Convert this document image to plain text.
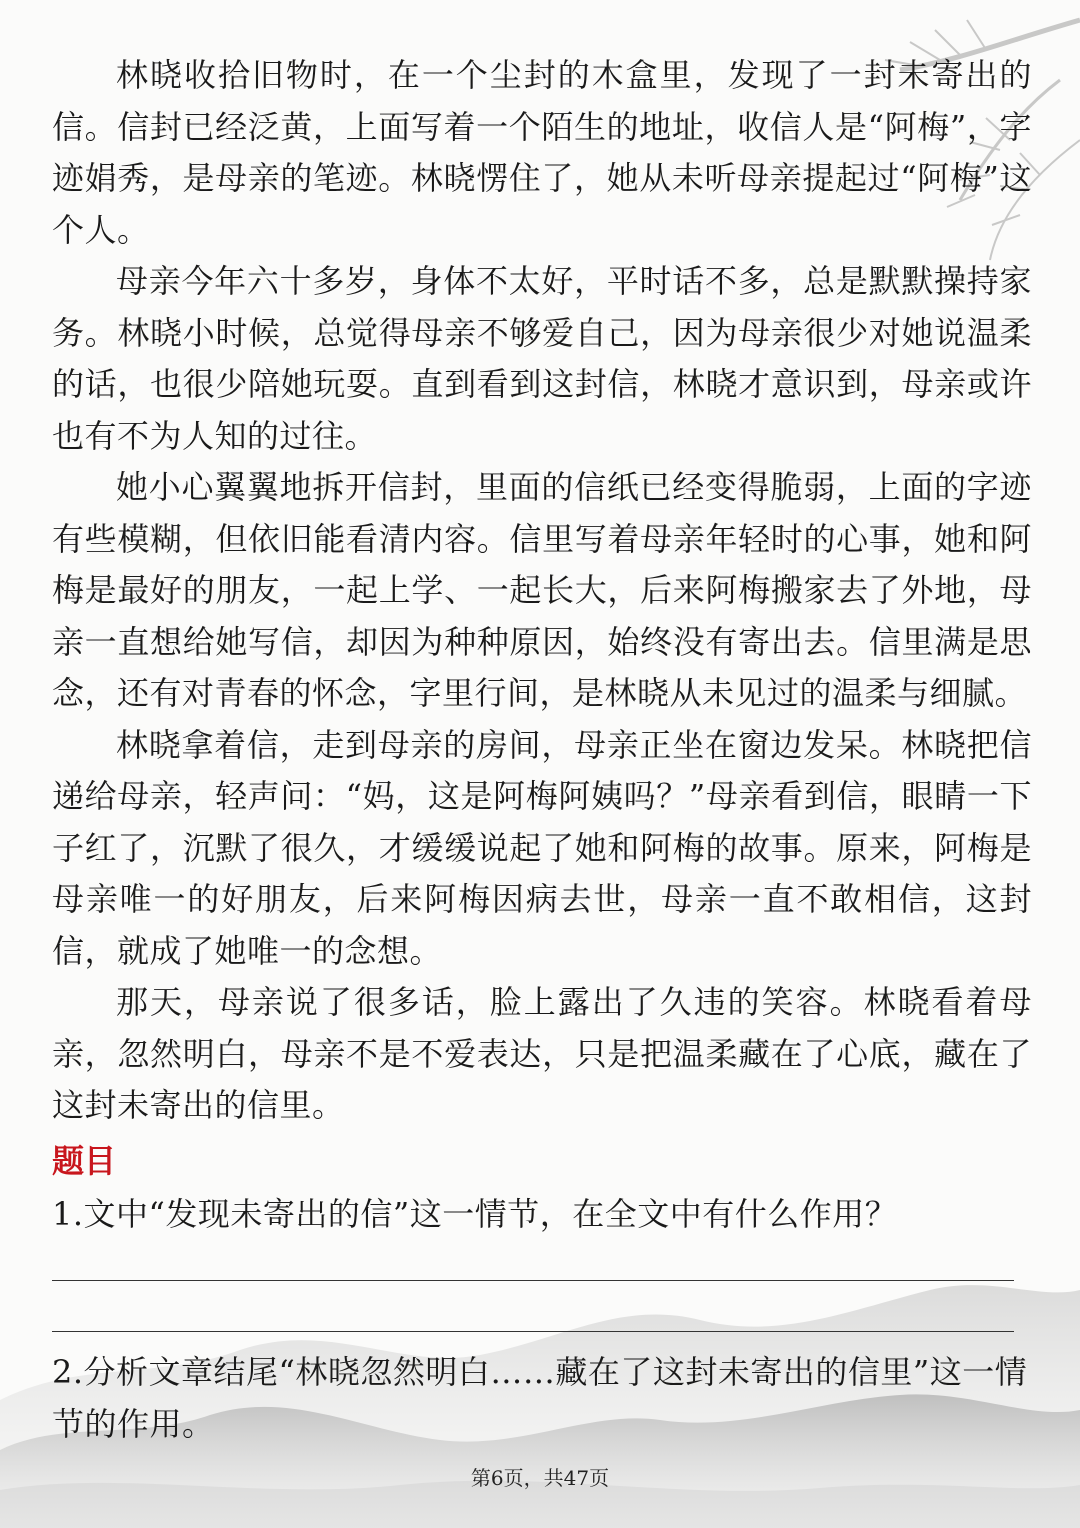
林晓收拾旧物时，在一个尘封的木盒里，发现了一封未寄出的信。信封已经泛黄，上面写着一个陌生的地址，收信人是“阿梅”，字迹娟秀，是母亲的笔迹。林晓愣住了，她从未听母亲提起过“阿梅”这个人。

母亲今年六十多岁，身体不太好，平时话不多，总是默默操持家务。林晓小时候，总觉得母亲不够爱自己，因为母亲很少对她说温柔的话，也很少陪她玩耍。直到看到这封信，林晓才意识到，母亲或许也有不为人知的过往。

她小心翼翼地拆开信封，里面的信纸已经变得脆弱，上面的字迹有些模糊，但依旧能看清内容。信里写着母亲年轻时的心事，她和阿梅是最好的朋友，一起上学、一起长大，后来阿梅搬家去了外地，母亲一直想给她写信，却因为种种原因，始终没有寄出去。信里满是思念，还有对青春的怀念，字里行间，是林晓从未见过的温柔与细腻。

林晓拿着信，走到母亲的房间，母亲正坐在窗边发呆。林晓把信递给母亲，轻声问：“妈，这是阿梅阿姨吗？”母亲看到信，眼睛一下子红了，沉默了很久，才缓缓说起了她和阿梅的故事。原来，阿梅是母亲唯一的好朋友，后来阿梅因病去世，母亲一直不敢相信，这封信，就成了她唯一的念想。

那天，母亲说了很多话，脸上露出了久违的笑容。林晓看着母亲，忽然明白，母亲不是不爱表达，只是把温柔藏在了心底，藏在了这封未寄出的信里。

题目

1.文中“发现未寄出的信”这一情节，在全文中有什么作用？

2.分析文章结尾“林晓忽然明白……藏在了这封未寄出的信里”这一情节的作用。

第6页，共47页
